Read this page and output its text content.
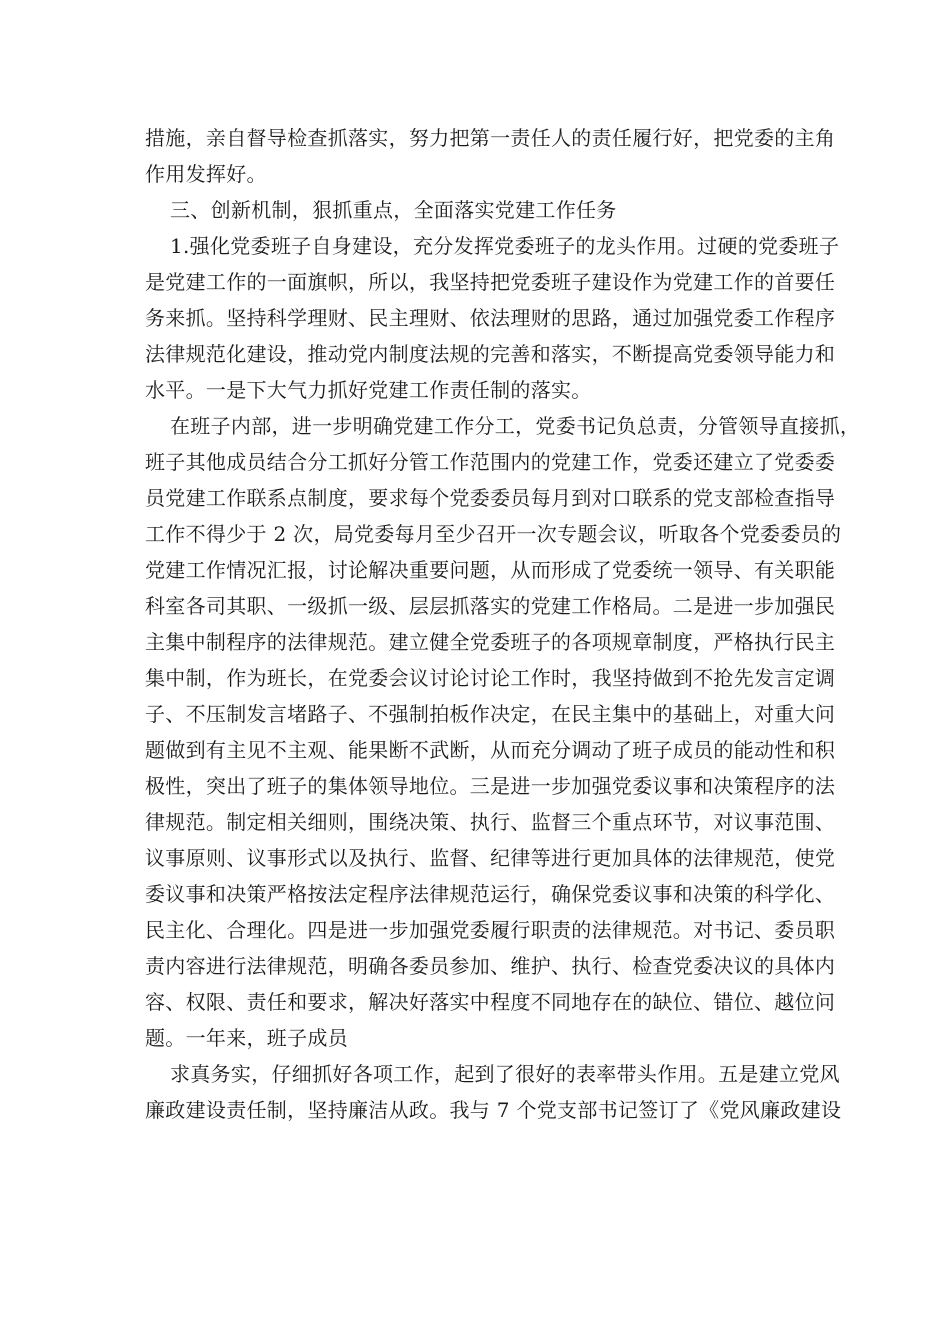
措施，亲自督导检查抓落实，努力把第一责任人的责任履行好，把党委的主角

作用发挥好。

三、创新机制，狠抓重点，全面落实党建工作任务

1.强化党委班子自身建设，充分发挥党委班子的龙头作用。过硬的党委班子

是党建工作的一面旗帜，所以，我坚持把党委班子建设作为党建工作的首要任

务来抓。坚持科学理财、民主理财、依法理财的思路，通过加强党委工作程序

法律规范化建设，推动党内制度法规的完善和落实，不断提高党委领导能力和

水平。一是下大气力抓好党建工作责任制的落实。

在班子内部，进一步明确党建工作分工，党委书记负总责，分管领导直接抓，

班子其他成员结合分工抓好分管工作范围内的党建工作，党委还建立了党委委

员党建工作联系点制度，要求每个党委委员每月到对口联系的党支部检查指导

工作不得少于 2 次，局党委每月至少召开一次专题会议，听取各个党委委员的

党建工作情况汇报，讨论解决重要问题，从而形成了党委统一领导、有关职能

科室各司其职、一级抓一级、层层抓落实的党建工作格局。二是进一步加强民

主集中制程序的法律规范。建立健全党委班子的各项规章制度，严格执行民主

集中制，作为班长，在党委会议讨论讨论工作时，我坚持做到不抢先发言定调

子、不压制发言堵路子、不强制拍板作决定，在民主集中的基础上，对重大问

题做到有主见不主观、能果断不武断，从而充分调动了班子成员的能动性和积

极性，突出了班子的集体领导地位。三是进一步加强党委议事和决策程序的法

律规范。制定相关细则，围绕决策、执行、监督三个重点环节，对议事范围、

议事原则、议事形式以及执行、监督、纪律等进行更加具体的法律规范，使党

委议事和决策严格按法定程序法律规范运行，确保党委议事和决策的科学化、

民主化、合理化。四是进一步加强党委履行职责的法律规范。对书记、委员职

责内容进行法律规范，明确各委员参加、维护、执行、检查党委决议的具体内

容、权限、责任和要求，解决好落实中程度不同地存在的缺位、错位、越位问

题。一年来，班子成员

求真务实，仔细抓好各项工作，起到了很好的表率带头作用。五是建立党风

廉政建设责任制，坚持廉洁从政。我与 7 个党支部书记签订了《党风廉政建设
